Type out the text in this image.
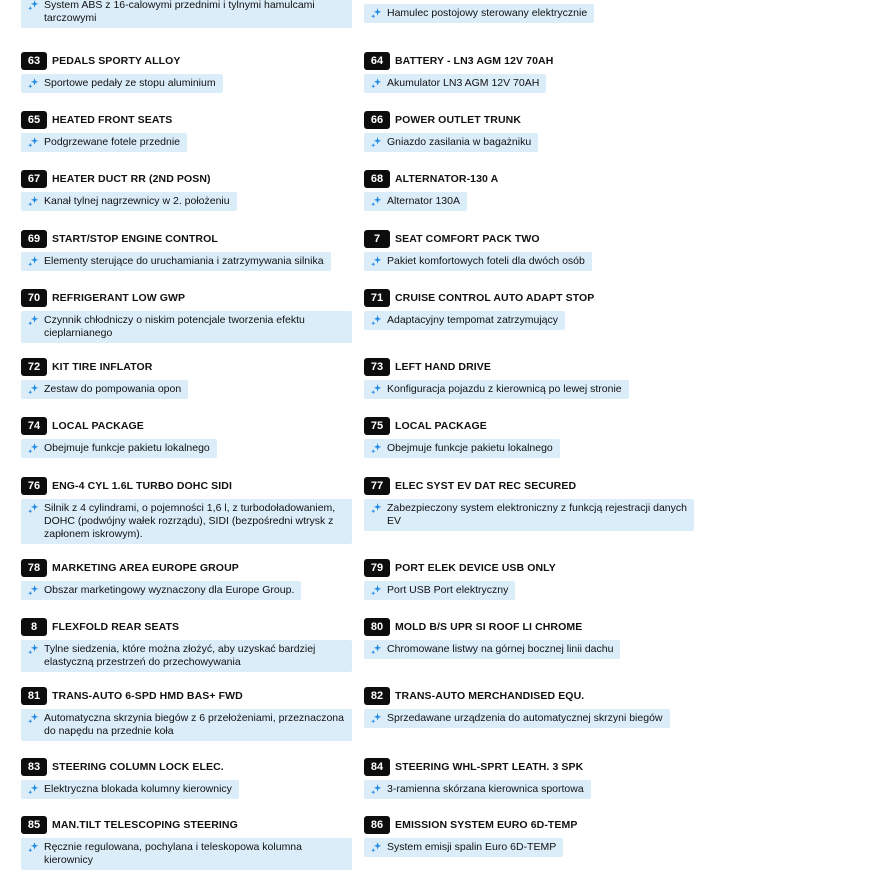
System ABS z 16-calowymi przednimi i tylnymi hamulcami tarczowymi
63	PEDALS SPORTY ALLOY
Sportowe pedały ze stopu aluminium
65	HEATED FRONT SEATS
Podgrzewane fotele przednie
67	HEATER DUCT RR (2ND POSN)
Kanał tylnej nagrzewnicy w 2. położeniu
69	START/STOP ENGINE CONTROL
Elementy sterujące do uruchamiania i zatrzymywania silnika
70	REFRIGERANT LOW GWP
Czynnik chłodniczy o niskim potencjale tworzenia efektu cieplarnianego
72	KIT TIRE INFLATOR
Zestaw do pompowania opon
74	LOCAL PACKAGE
Obejmuje funkcje pakietu lokalnego
76	ENG-4 CYL 1.6L TURBO DOHC SIDI
Silnik z 4 cylindrami, o pojemności 1,6 l, z turbodoładowaniem, DOHC (podwójny wałek rozrządu), SIDI (bezpośredni wtrysk z zapłonem iskrowym).
78	MARKETING AREA EUROPE GROUP
Obszar marketingowy wyznaczony dla Europe Group.
8	FLEXFOLD REAR SEATS
Tylne siedzenia, które można złożyć, aby uzyskać bardziej elastyczną przestrzeń do przechowywania
81	TRANS-AUTO 6-SPD HMD BAS+ FWD
Automatyczna skrzynia biegów z 6 przełożeniami, przeznaczona do napędu na przednie koła
83	STEERING COLUMN LOCK ELEC.
Elektryczna blokada kolumny kierownicy
85	MAN.TILT TELESCOPING STEERING
Ręcznie regulowana, pochylana i teleskopowa kolumna kierownicy
Hamulec postojowy sterowany elektrycznie
64	BATTERY - LN3 AGM 12V 70AH
Akumulator LN3 AGM 12V 70AH
66	POWER OUTLET TRUNK
Gniazdo zasilania w bagażniku
68	ALTERNATOR-130 A
Alternator 130A
7	SEAT COMFORT PACK TWO
Pakiet komfortowych foteli dla dwóch osób
71	CRUISE CONTROL AUTO ADAPT STOP
Adaptacyjny tempomat zatrzymujący
73	LEFT HAND DRIVE
Konfiguracja pojazdu z kierownicą po lewej stronie
75	LOCAL PACKAGE
Obejmuje funkcje pakietu lokalnego
77	ELEC SYST EV DAT REC SECURED
Zabezpieczony system elektroniczny z funkcją rejestracji danych EV
79	PORT ELEK DEVICE USB ONLY
Port USB Port elektryczny
80	MOLD B/S UPR SI ROOF LI CHROME
Chromowane listwy na górnej bocznej linii dachu
82	TRANS-AUTO MERCHANDISED EQU.
Sprzedawane urządzenia do automatycznej skrzyni biegów
84	STEERING WHL-SPRT LEATH. 3 SPK
3-ramienna skórzana kierownica sportowa
86	EMISSION SYSTEM EURO 6D-TEMP
System emisji spalin Euro 6D-TEMP
